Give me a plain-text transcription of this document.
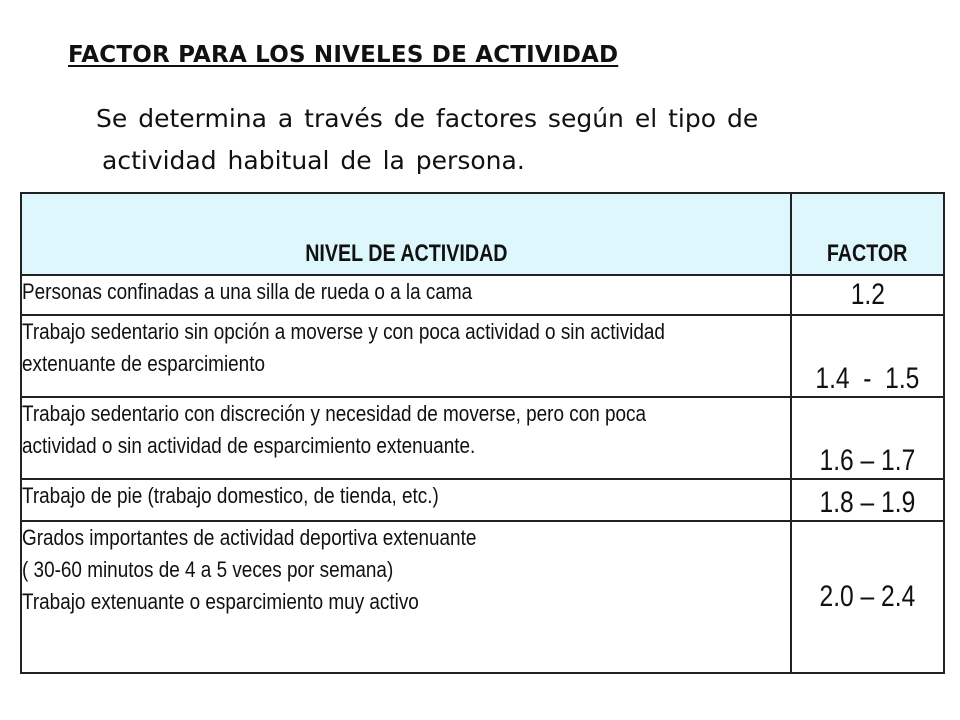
FACTOR PARA LOS NIVELES DE ACTIVIDAD
Se determina a través de factores según el tipo de
actividad habitual de la persona.
NIVEL DE ACTIVIDAD	FACTOR
Personas confinadas a una silla de rueda o a la cama	1.2
Trabajo sedentario sin opción a moverse y con poca actividad o sin actividad
extenuante de esparcimiento	1.4  -  1.5
Trabajo sedentario con discreción y necesidad de moverse, pero con poca
actividad o sin actividad de esparcimiento extenuante.	1.6 – 1.7
Trabajo de pie (trabajo domestico, de tienda, etc.)	1.8 – 1.9
Grados importantes de actividad deportiva extenuante
( 30-60 minutos de 4 a 5 veces por semana)
Trabajo extenuante o esparcimiento muy activo	2.0 – 2.4
